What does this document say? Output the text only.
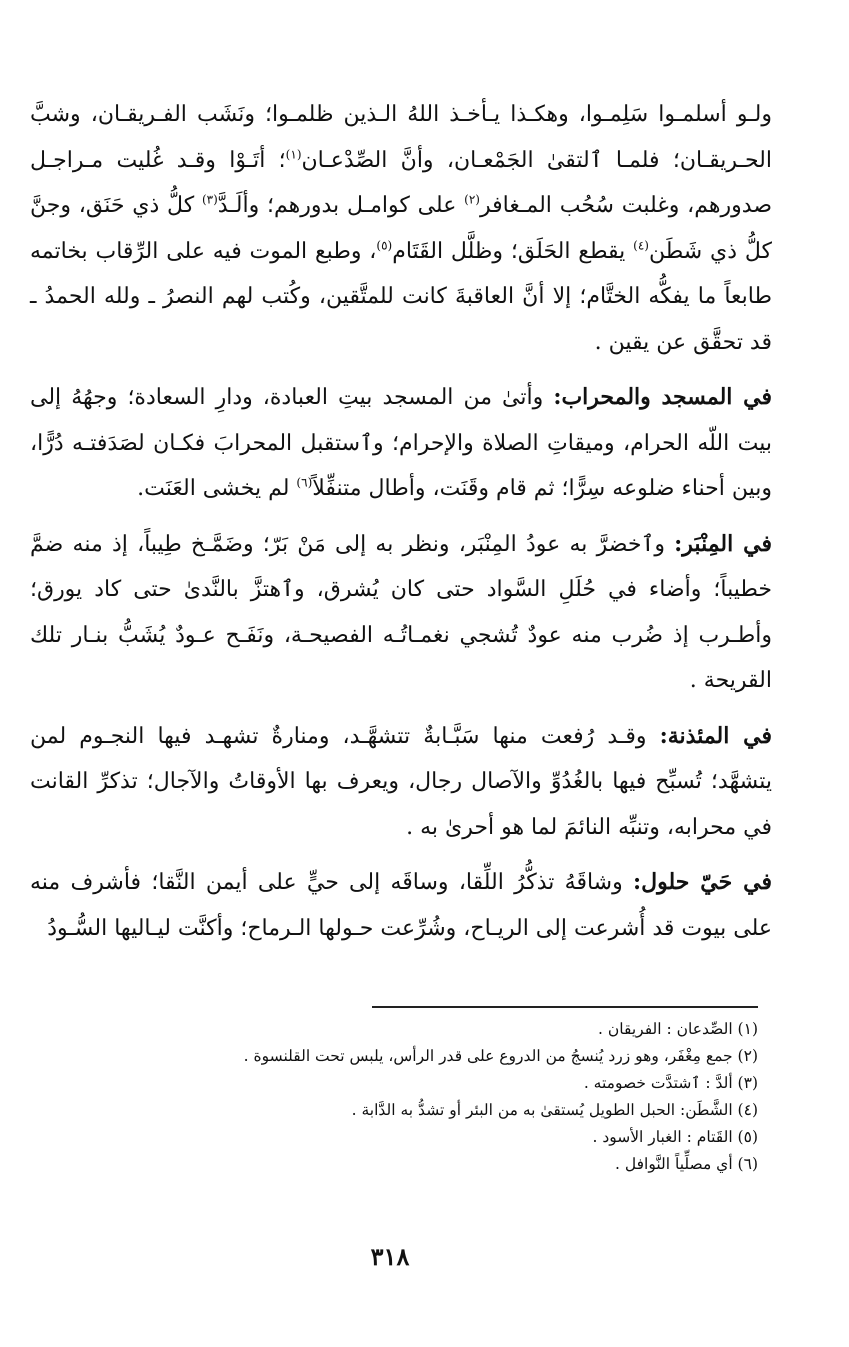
ولـو أسلمـوا سَلِمـوا، وهكـذا يـأخـذ اللهُ الـذين ظلمـوا؛ ونَشَب الفـريقـان، وشبَّ الحـريقـان؛ فلمـا ٱلتقىٰ الجَمْعـان، وأنَّ الصِّدْعـان$^{(١)}$؛ أتَـوْا وقـد غُليت مـراجـل صدورهم، وغلبت سُحُب المـغافر$^{(٢)}$ على كوامـل بدورهم؛ وألَـدَّ$^{(٣)}$ كلُّ ذي حَنَق، وجنَّ كلُّ ذي شَطَن$^{(٤)}$ يقطع الحَلَق؛ وظلَّل القَتَام$^{(٥)}$، وطبع الموت فيه على الرِّقاب بخاتمه طابعاً ما يفكُّه الختَّام؛ إلا أنَّ العاقبةَ كانت للمتَّقين، وكُتب لهم النصرُ ـ ولله الحمدُ ـ قد تحقَّق عن يقين .

في المسجد والمحراب: وأتىٰ من المسجد بيتِ العبادة، ودارِ السعادة؛ وجهُهُ إلى بيت اللّه الحرام، وميقاتِ الصلاة والإحرام؛ وٱستقبل المحرابَ فكـان لصَدَفتـه دُرًّا، وبين أحناء ضلوعه سِرًّا؛ ثم قام وقَنَت، وأطال متنفِّلاً$^{(٦)}$ لم يخشى العَنَت.

في المِنْبَر: وٱخضرَّ به عودُ المِنْبَر، ونظر به إلى مَنْ بَرّ؛ وضَمَّـخ طِيباً، إذ منه ضمَّ خطيباً؛ وأضاء في حُلَلِ السَّواد حتى كان يُشرق، وٱهتزَّ بالنَّدىٰ حتى كاد يورق؛ وأطـرب إذ ضُرب منه عودٌ تُشجي نغمـاتُـه الفصيحـة، ونَفَـح عـودٌ يُشَبُّ بنـار تلك القريحة .

في المئذنة: وقـد رُفعت منها سَبَّـابةٌ تتشهَّـد، ومنارةٌ تشهـد فيها النجـوم لمن يتشهَّد؛ تُسبِّح فيها بالغُدُوِّ والآصال رجال، ويعرف بها الأوقاتُ والآجال؛ تذكرِّ القانت في محرابه، وتنبِّه النائمَ لما هو أحرىٰ به .

في حَيّ حلول: وشاقَهُ تذكُّرُ اللِّقا، وساقَه إلى حيٍّ على أيمن النَّقا؛ فأشرف منه على بيوت قد أُشرعت إلى الريـاح، وشُرِّعت حـولها الـرماح؛ وأكنَّت ليـاليها السُّـودُ

(١) الصِّدعان : الفريقان .
(٢) جمع مِغْفَر، وهو زرد يُنسجُ من الدروع على قدر الرأس، يلبس تحت القلنسوة .
(٣) ألدَّ : ٱشتدَّت خصومته .
(٤) الشَّطَن: الحبل الطويل يُستقىٰ به من البئر أو تشدُّ به الدَّابة .
(٥) القَتام : الغبار الأسود .
(٦) أي مصلِّياً النَّوافل .
٣١٨
